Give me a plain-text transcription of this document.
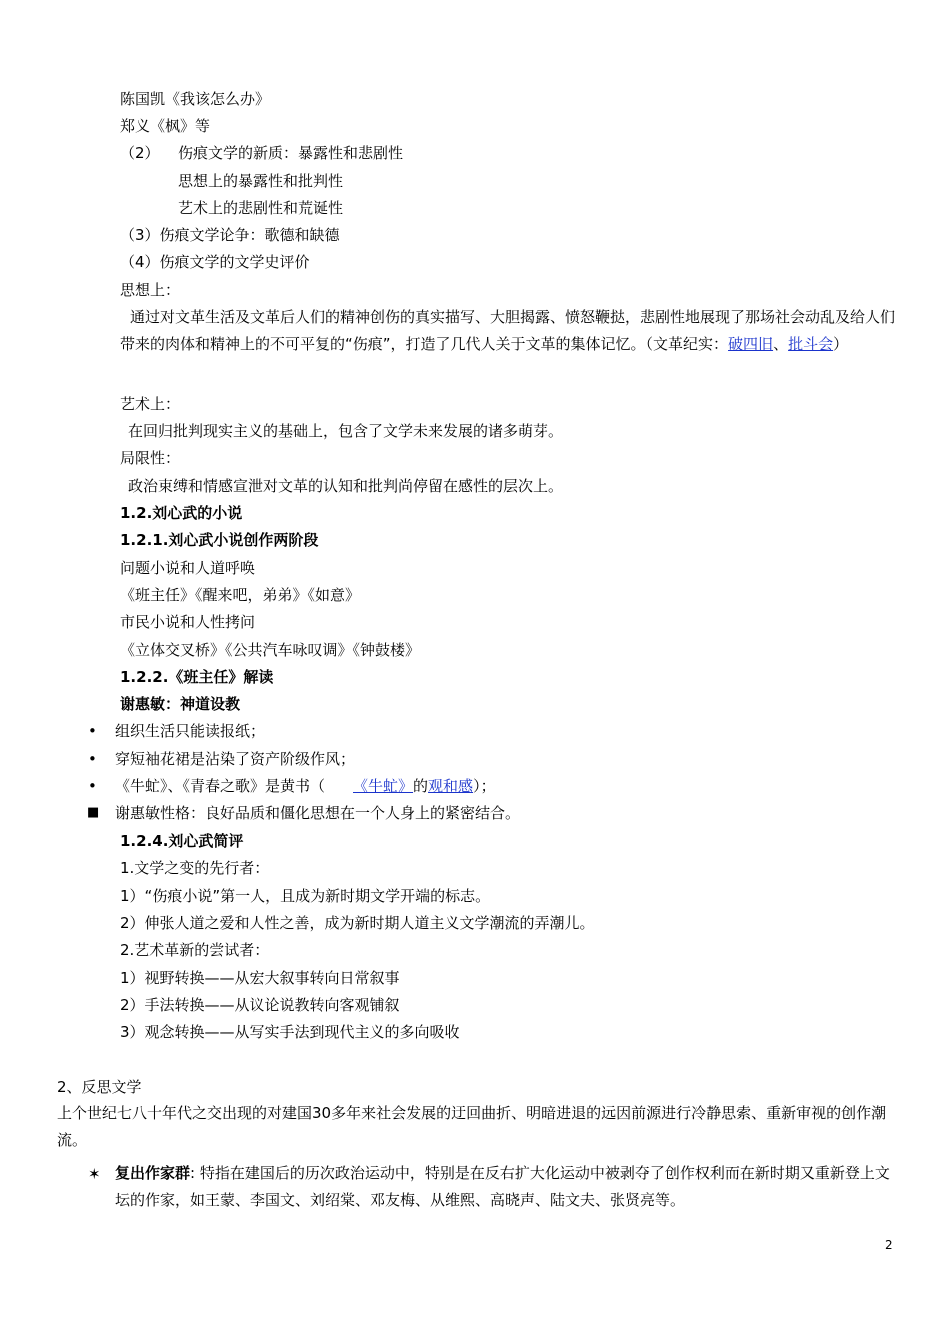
陈国凯《我该怎么办》
郑义《枫》等
（2） 伤痕文学的新质：暴露性和悲剧性
思想上的暴露性和批判性
艺术上的悲剧性和荒诞性
（3）伤痕文学论争：歌德和缺德
（4）伤痕文学的文学史评价
思想上：
通过对文革生活及文革后人们的精神创伤的真实描写、大胆揭露、愤怒鞭挞，悲剧性地展现了那场社会动乱及给人们带来的肉体和精神上的不可平复的“伤痕”，打造了几代人关于文革的集体记忆。（文革纪实：破四旧、批斗会）
艺术上：
在回归批判现实主义的基础上，包含了文学未来发展的诸多萌芽。
局限性：
政治束缚和情感宣泄对文革的认知和批判尚停留在感性的层次上。
1.2.刘心武的小说
1.2.1.刘心武小说创作两阶段
问题小说和人道呼唤
《班主任》《醒来吧，弟弟》《如意》
市民小说和人性拷问
《立体交叉桥》《公共汽车咏叹调》《钟鼓楼》
1.2.2.《班主任》解读
谢惠敏：神道设教
• 组织生活只能读报纸；
• 穿短袖花裙是沾染了资产阶级作风；
• 《牛虻》、《青春之歌》是黄书（ 《牛虻》的观和感）；
■ 谢惠敏性格：良好品质和僵化思想在一个人身上的紧密结合。
1.2.4.刘心武简评
1.文学之变的先行者：
1）“伤痕小说”第一人，且成为新时期文学开端的标志。
2）伸张人道之爱和人性之善，成为新时期人道主义文学潮流的弄潮儿。
2.艺术革新的尝试者：
1）视野转换——从宏大叙事转向日常叙事
2）手法转换——从议论说教转向客观铺叙
3）观念转换——从写实手法到现代主义的多向吸收
2、反思文学
上个世纪七八十年代之交出现的对建国30多年来社会发展的迂回曲折、明暗进退的远因前源进行冷静思索、重新审视的创作潮流。
✶ 复出作家群: 特指在建国后的历次政治运动中，特别是在反右扩大化运动中被剥夺了创作权利而在新时期又重新登上文坛的作家，如王蒙、李国文、刘绍棠、邓友梅、从维熙、高晓声、陆文夫、张贤亮等。
2
